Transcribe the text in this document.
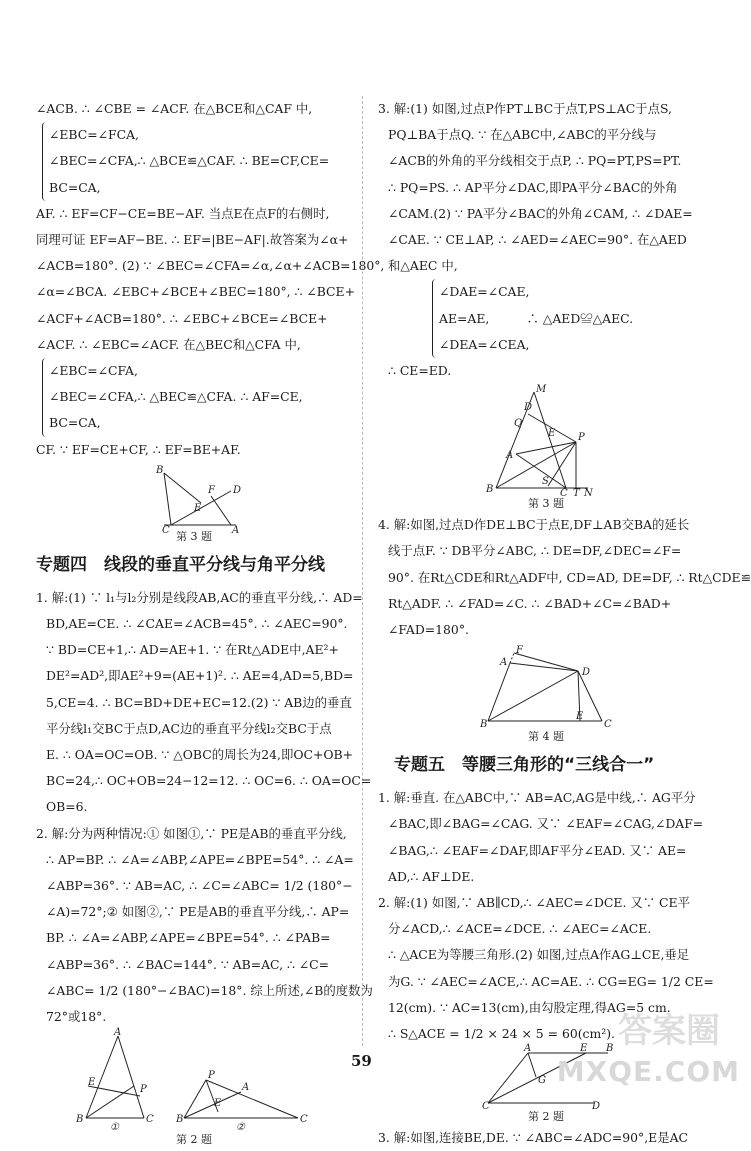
∠ACB. ∴ ∠CBE = ∠ACF. 在△BCE和△CAF 中,
∠EBC=∠FCA,
∠BEC=∠CFA,∴ △BCE≌△CAF. ∴ BE=CF,CE=
BC=CA,
AF. ∴ EF=CF−CE=BE−AF. 当点E在点F的右侧时,
同理可证 EF=AF−BE. ∴ EF=|BE−AF|.故答案为∠α+
∠ACB=180°. (2) ∵ ∠BEC=∠CFA=∠α,∠α+∠ACB=180°,
∠α=∠BCA. ∠EBC+∠BCE+∠BEC=180°, ∴ ∠BCE+
∠ACF+∠ACB=180°. ∴ ∠EBC+∠BCE=∠BCE+
∠ACF. ∴ ∠EBC=∠ACF. 在△BEC和△CFA 中,
∠EBC=∠CFA,
∠BEC=∠CFA,∴ △BEC≌△CFA. ∴ AF=CE,
BC=CA,
CF. ∵ EF=CE+CF, ∴ EF=BE+AF.
B
C	A
E
F D
第 3 题
专题四　线段的垂直平分线与角平分线
1. 解:(1) ∵ l₁与l₂分别是线段AB,AC的垂直平分线,∴ AD=
BD,AE=CE. ∴ ∠CAE=∠ACB=45°. ∴ ∠AEC=90°.
∵ BD=CE+1,∴ AD=AE+1. ∵ 在Rt△ADE中,AE²+
DE²=AD²,即AE²+9=(AE+1)². ∴ AE=4,AD=5,BD=
5,CE=4. ∴ BC=BD+DE+EC=12.(2) ∵ AB边的垂直
平分线l₁交BC于点D,AC边的垂直平分线l₂交BC于点
E. ∴ OA=OC=OB. ∵ △OBC的周长为24,即OC+OB+
BC=24,∴ OC+OB=24−12=12. ∴ OC=6. ∴ OA=OC=
OB=6.
2. 解:分为两种情况:① 如图①,∵ PE是AB的垂直平分线,
∴ AP=BP. ∴ ∠A=∠ABP,∠APE=∠BPE=54°. ∴ ∠A=
∠ABP=36°. ∵ AB=AC, ∴ ∠C=∠ABC= 1/2 (180°−
∠A)=72°;② 如图②,∵ PE是AB的垂直平分线,∴ AP=
BP. ∴ ∠A=∠ABP,∠APE=∠BPE=54°. ∴ ∠PAB=
∠ABP=36°. ∴ ∠BAC=144°. ∵ AB=AC, ∴ ∠C=
∠ABC= 1/2 (180°−∠BAC)=18°. 综上所述,∠B的度数为
72°或18°.
A
B	C
E
P
①
P
A
B	C
E
②
第 2 题
3. 解:(1) 如图,过点P作PT⊥BC于点T,PS⊥AC于点S,
PQ⊥BA于点Q. ∵ 在△ABC中,∠ABC的平分线与
∠ACB的外角的平分线相交于点P, ∴ PQ=PT,PS=PT.
∴ PQ=PS. ∴ AP平分∠DAC,即PA平分∠BAC的外角
∠CAM.(2) ∵ PA平分∠BAC的外角∠CAM, ∴ ∠DAE=
∠CAE. ∵ CE⊥AP, ∴ ∠AED=∠AEC=90°. 在△AED
和△AEC 中,
∠DAE=∠CAE,
AE=AE,　　　∴ △AED≌△AEC.
∠DEA=∠CEA,
∴ CE=ED.
M
D
Q
E P
A
B
S
C T N
第 3 题
4. 解:如图,过点D作DE⊥BC于点E,DF⊥AB交BA的延长
线于点F. ∵ DB平分∠ABC, ∴ DE=DF,∠DEC=∠F=
90°. 在Rt△CDE和Rt△ADF中, CD=AD, DE=DF, ∴ Rt△CDE≌
Rt△ADF. ∴ ∠FAD=∠C. ∴ ∠BAD+∠C=∠BAD+
∠FAD=180°.
F
A
D
B
E
C
第 4 题
专题五　等腰三角形的“三线合一”
1. 解:垂直. 在△ABC中,∵ AB=AC,AG是中线,∴ AG平分
∠BAC,即∠BAG=∠CAG. 又∵ ∠EAF=∠CAG,∠DAF=
∠BAG,∴ ∠EAF=∠DAF,即AF平分∠EAD. 又∵ AE=
AD,∴ AF⊥DE.
2. 解:(1) 如图,∵ AB∥CD,∴ ∠AEC=∠DCE. 又∵ CE平
分∠ACD,∴ ∠ACE=∠DCE. ∴ ∠AEC=∠ACE.
∴ △ACE为等腰三角形.(2) 如图,过点A作AG⊥CE,垂足
为G. ∵ ∠AEC=∠ACE,∴ AC=AE. ∴ CG=EG= 1/2 CE=
12(cm). ∵ AC=13(cm),由勾股定理,得AG=5 cm.
∴ S△ACE = 1/2 × 24 × 5 = 60(cm²).
A	E B
G
C	D
第 2 题
3. 解:如图,连接BE,DE. ∵ ∠ABC=∠ADC=90°,E是AC
59
答案圈
MXQE.COM
